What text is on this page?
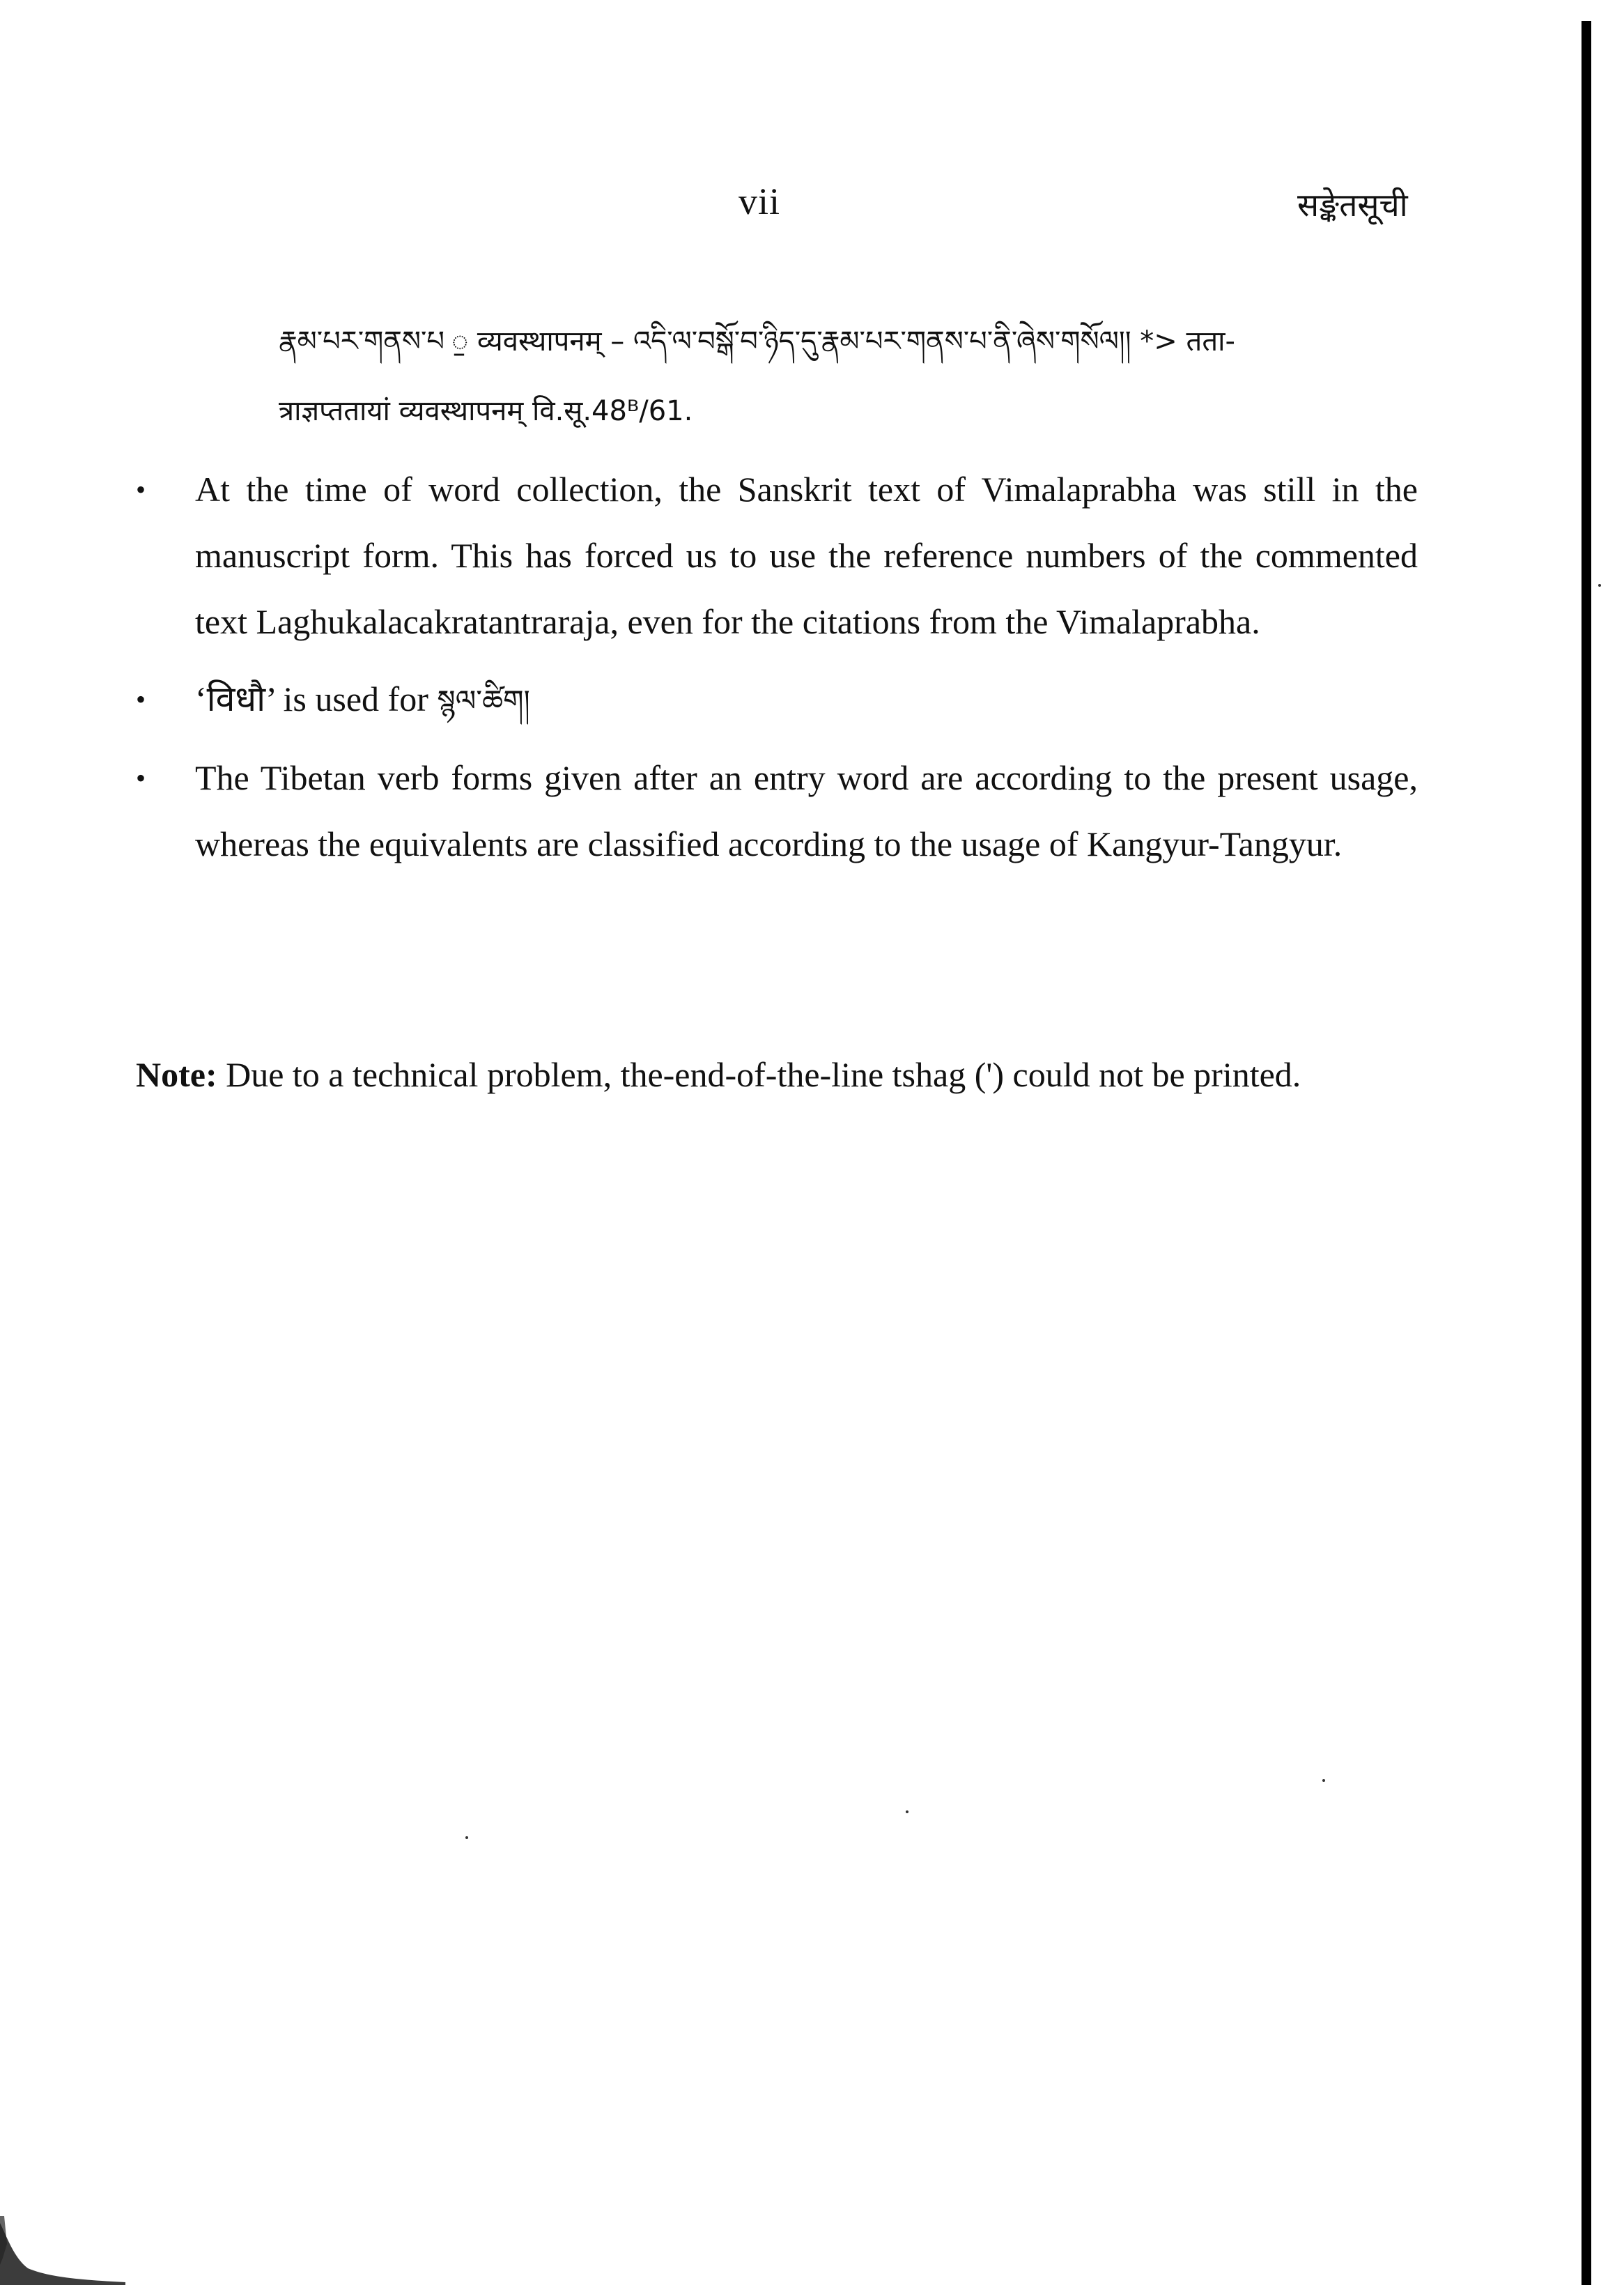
vii	सङ्केतसूची
རྣམ་པར་གནས་པ ॒ व्यवस्थापनम् – འདི་ལ་བསྒོ་བ་ཉིད་དུ་རྣམ་པར་གནས་པ་ནི་ཞེས་གསོལ།། *> तता-
त्राज्ञप्ततायां व्यवस्थापनम् वि.सू.48ᴮ/61.
• At the time of word collection, the Sanskrit text of Vimalaprabha was still in the manuscript form. This has forced us to use the reference numbers of the commented text Laghukalacakratantraraja, even for the citations from the Vimalaprabha.
• ‘विधौ’ is used for སྙལ་ཚིག།
• The Tibetan verb forms given after an entry word are according to the present usage, whereas the equivalents are classified according to the usage of Kangyur-Tangyur.
Note: Due to a technical problem, the-end-of-the-line tshag (') could not be printed.
